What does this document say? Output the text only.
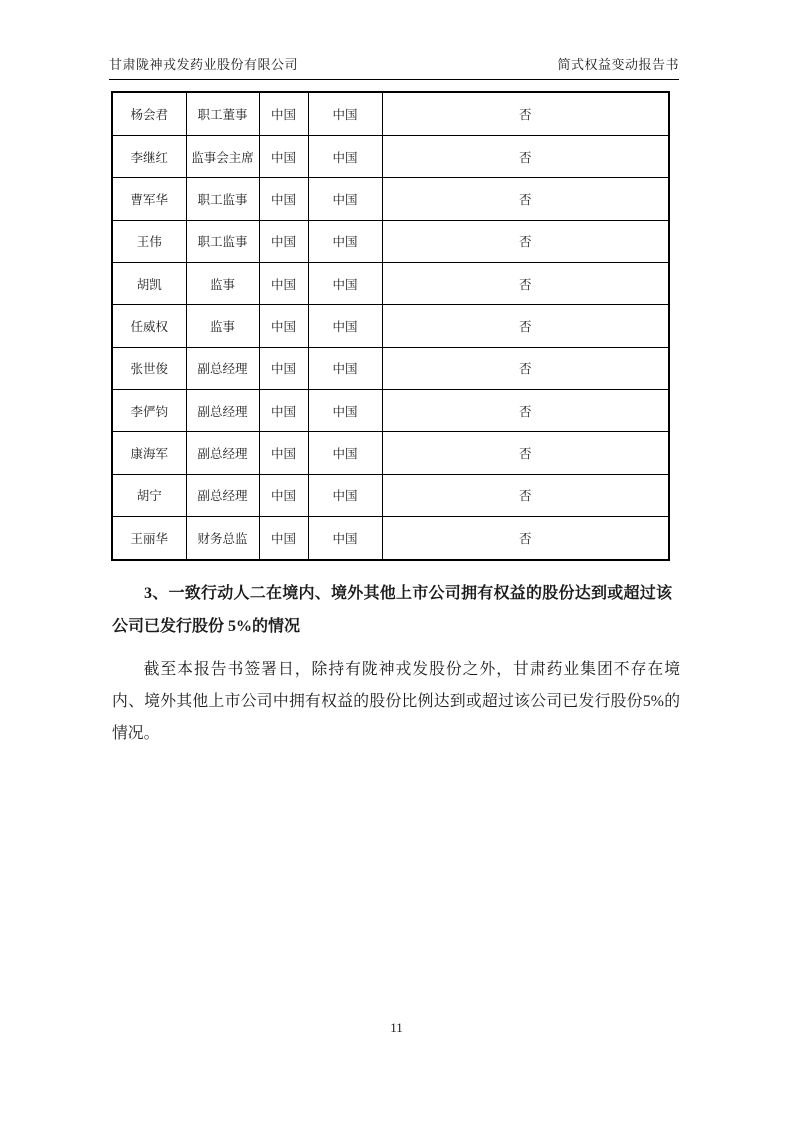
甘肃陇神戎发药业股份有限公司	简式权益变动报告书
杨会君	职工董事	中国	中国	否
李继红	监事会主席	中国	中国	否
曹军华	职工监事	中国	中国	否
王伟	职工监事	中国	中国	否
胡凯	监事	中国	中国	否
任威权	监事	中国	中国	否
张世俊	副总经理	中国	中国	否
李俨钧	副总经理	中国	中国	否
康海军	副总经理	中国	中国	否
胡宁	副总经理	中国	中国	否
王丽华	财务总监	中国	中国	否
3、一致行动人二在境内、境外其他上市公司拥有权益的股份达到或超过该公司已发行股份 5%的情况
截至本报告书签署日，除持有陇神戎发股份之外，甘肃药业集团不存在境内、境外其他上市公司中拥有权益的股份比例达到或超过该公司已发行股份5%的情况。
11
